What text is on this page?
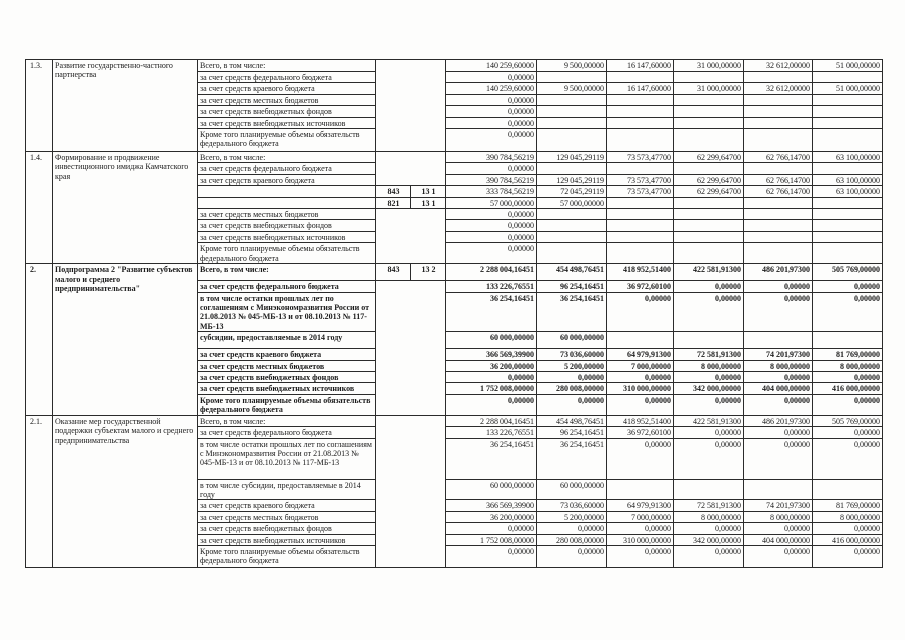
1.3.	Развитие государственно-частного партнерства	Всего, в том числе:			140 259,60000	9 500,00000	16 147,60000	31 000,00000	32 612,00000	51 000,00000
		за счет средств федерального бюджета			0,00000					
		за счет средств краевого бюджета			140 259,60000	9 500,00000	16 147,60000	31 000,00000	32 612,00000	51 000,00000
		за счет средств местных бюджетов			0,00000					
		за счет средств внебюджетных фондов			0,00000					
		за счет средств внебюджетных источников			0,00000					
		Кроме того планируемые объемы обязательств федерального бюджета			0,00000					
1.4.	Формирование и продвижение инвестиционного имиджа Камчатского края	Всего, в том числе:			390 784,56219	129 045,29119	73 573,47700	62 299,64700	62 766,14700	63 100,00000
		за счет средств федерального бюджета			0,00000					
		за счет средств краевого бюджета			390 784,56219	129 045,29119	73 573,47700	62 299,64700	62 766,14700	63 100,00000
			843	13 1	333 784,56219	72 045,29119	73 573,47700	62 299,64700	62 766,14700	63 100,00000
			821	13 1	57 000,00000	57 000,00000				
		за счет средств местных бюджетов			0,00000					
		за счет средств внебюджетных фондов			0,00000					
		за счет средств внебюджетных источников			0,00000					
		Кроме того планируемые объемы обязательств федерального бюджета			0,00000					
2.	Подпрограмма 2 "Развитие субъектов малого и среднего предпринимательства"	Всего, в том числе:	843	13 2	2 288 004,16451	454 498,76451	418 952,51400	422 581,91300	486 201,97300	505 769,00000
		за счет средств федерального бюджета			133 226,76551	96 254,16451	36 972,60100	0,00000	0,00000	0,00000
		в том числе остатки прошлых лет по соглашениям с Минэкономразвития России от 21.08.2013 № 045-МБ-13 и от 08.10.2013 № 117-МБ-13			36 254,16451	36 254,16451	0,00000	0,00000	0,00000	0,00000
		субсидии, предоставляемые в 2014 году			60 000,00000	60 000,00000				
		за счет средств краевого бюджета			366 569,39900	73 036,60000	64 979,91300	72 581,91300	74 201,97300	81 769,00000
		за счет средств местных бюджетов			36 200,00000	5 200,00000	7 000,00000	8 000,00000	8 000,00000	8 000,00000
		за счет средств внебюджетных фондов			0,00000	0,00000	0,00000	0,00000	0,00000	0,00000
		за счет средств внебюджетных источников			1 752 008,00000	280 008,00000	310 000,00000	342 000,00000	404 000,00000	416 000,00000
		Кроме того планируемые объемы обязательств федерального бюджета			0,00000	0,00000	0,00000	0,00000	0,00000	0,00000
2.1.	Оказание мер государственной поддержки субъектам малого и среднего предпринимательства	Всего, в том числе:			2 288 004,16451	454 498,76451	418 952,51400	422 581,91300	486 201,97300	505 769,00000
		за счет средств федерального бюджета			133 226,76551	96 254,16451	36 972,60100	0,00000	0,00000	0,00000
		в том числе остатки прошлых лет по соглашениям с Минэкономразвития России от 21.08.2013 № 045-МБ-13 и от 08.10.2013 № 117-МБ-13			36 254,16451	36 254,16451	0,00000	0,00000	0,00000	0,00000
		в том числе субсидии, предоставляемые в 2014 году			60 000,00000	60 000,00000				
		за счет средств краевого бюджета			366 569,39900	73 036,60000	64 979,91300	72 581,91300	74 201,97300	81 769,00000
		за счет средств местных бюджетов			36 200,00000	5 200,00000	7 000,00000	8 000,00000	8 000,00000	8 000,00000
		за счет средств внебюджетных фондов			0,00000	0,00000	0,00000	0,00000	0,00000	0,00000
		за счет средств внебюджетных источников			1 752 008,00000	280 008,00000	310 000,00000	342 000,00000	404 000,00000	416 000,00000
		Кроме того планируемые объемы обязательств федерального бюджета			0,00000	0,00000	0,00000	0,00000	0,00000	0,00000
